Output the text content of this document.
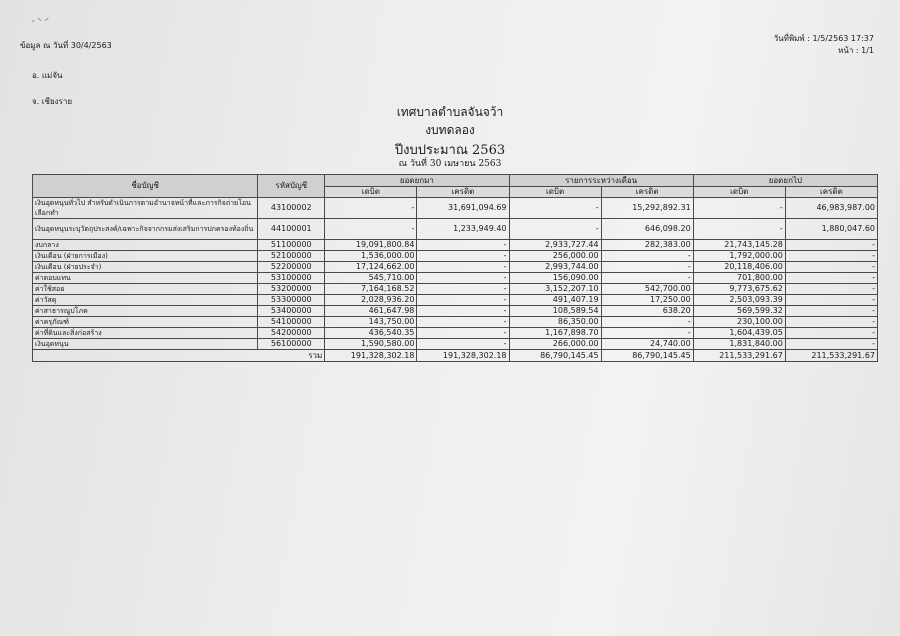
⸱ ⸌ ⸍
ข้อมูล ณ วันที่ 30/4/2563
อ. แม่จัน
จ. เชียงราย
วันที่พิมพ์ : 1/5/2563 17:37
หน้า : 1/1
เทศบาลตำบลจันจว้า
งบทดลอง
ปีงบประมาณ 2563
ณ วันที่ 30 เมษายน 2563
ชื่อบัญชี	รหัสบัญชี	ยอดยกมา		รายการระหว่างเดือน		ยอดยกไป	
		เดบิต	เครดิต	เดบิต	เครดิต	เดบิต	เครดิต
เงินอุดหนุนทั่วไป สำหรับดำเนินการตามอำนาจหน้าที่และภารกิจถ่ายโอนเลือกทำ	43100002	-	31,691,094.69	-	15,292,892.31	-	46,983,987.00
เงินอุดหนุนระบุวัตถุประสงค์/เฉพาะกิจจากกรมส่งเสริมการปกครองท้องถิ่น	44100001	-	1,233,949.40	-	646,098.20	-	1,880,047.60
งบกลาง	51100000	19,091,800.84	-	2,933,727.44	282,383.00	21,743,145.28	-
เงินเดือน (ฝ่ายการเมือง)	52100000	1,536,000.00	-	256,000.00	-	1,792,000.00	-
เงินเดือน (ฝ่ายประจำ)	52200000	17,124,662.00	-	2,993,744.00	-	20,118,406.00	-
ค่าตอบแทน	53100000	545,710.00	-	156,090.00	-	701,800.00	-
ค่าใช้สอย	53200000	7,164,168.52	-	3,152,207.10	542,700.00	9,773,675.62	-
ค่าวัสดุ	53300000	2,028,936.20	-	491,407.19	17,250.00	2,503,093.39	-
ค่าสาธารณูปโภค	53400000	461,647.98	-	108,589.54	638.20	569,599.32	-
ค่าครุภัณฑ์	54100000	143,750.00	-	86,350.00	-	230,100.00	-
ค่าที่ดินและสิ่งก่อสร้าง	54200000	436,540.35	-	1,167,898.70	-	1,604,439.05	-
เงินอุดหนุน	56100000	1,590,580.00	-	266,000.00	24,740.00	1,831,840.00	-
รวม		191,328,302.18	191,328,302.18	86,790,145.45	86,790,145.45	211,533,291.67	211,533,291.67
